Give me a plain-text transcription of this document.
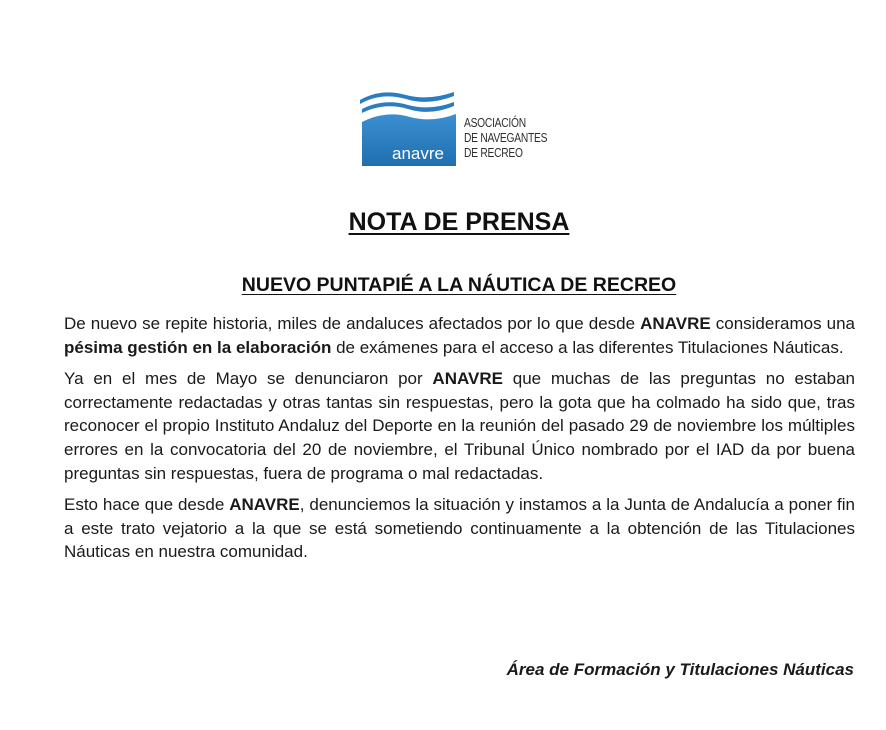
anavre
ASOCIACIÓN
DE NAVEGANTES
DE RECREO
NOTA DE PRENSA
NUEVO PUNTAPIÉ A LA NÁUTICA DE RECREO

De nuevo se repite historia, miles de andaluces afectados por lo que desde ANAVRE consideramos una pésima gestión en la elaboración de exámenes para el acceso a las diferentes Titulaciones Náuticas.

Ya en el mes de Mayo se denunciaron por ANAVRE que muchas de las preguntas no estaban correctamente redactadas y otras tantas sin respuestas, pero la gota que ha colmado ha sido que, tras reconocer el propio Instituto Andaluz del Deporte en la reunión del pasado 29 de noviembre los múltiples errores en la convocatoria del 20 de noviembre, el Tribunal Único nombrado por el IAD da por buena preguntas sin respuestas, fuera de programa o mal redactadas.

Esto hace que desde ANAVRE, denunciemos la situación y instamos a la Junta de Andalucía a poner fin a este trato vejatorio a la que se está sometiendo continuamente a la obtención de las Titulaciones Náuticas en nuestra comunidad.

Área de Formación y Titulaciones Náuticas
